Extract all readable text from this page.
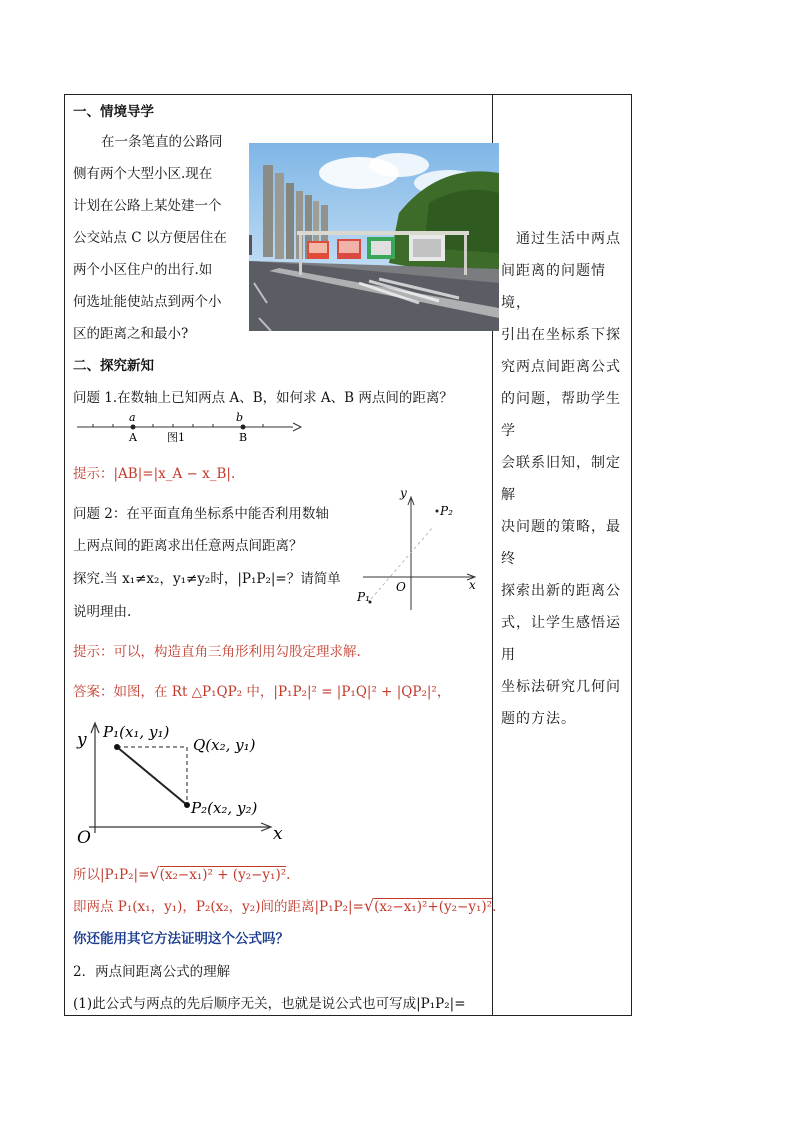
一、情境导学
在一条笔直的公路同
侧有两个大型小区.现在
计划在公路上某处建一个
公交站点 C 以方便居住在
两个小区住户的出行.如
何选址能使站点到两个小
区的距离之和最小?
二、探究新知
问题 1.在数轴上已知两点 A、B，如何求 A、B 两点间的距离？
a
A
b
B
图1
提示：|AB|=|x_A − x_B|.
问题 2：在平面直角坐标系中能否利用数轴
上两点间的距离求出任意两点间距离？
探究.当 x₁≠x₂，y₁≠y₂时，|P₁P₂|=？请简单
说明理由.
y
x
O
P₂
P₁
提示：可以，构造直角三角形利用勾股定理求解.
答案：如图，在 Rt △P₁QP₂ 中，|P₁P₂|² = |P₁Q|² + |QP₂|²，
y
x
O
P₁(x₁, y₁)
Q(x₂, y₁)
P₂(x₂, y₂)
所以|P₁P₂|=√(x₂−x₁)² + (y₂−y₁)².
即两点 P₁(x₁，y₁)，P₂(x₂，y₂)间的距离|P₁P₂|=√(x₂−x₁)²+(y₂−y₁)².
你还能用其它方法证明这个公式吗？
2．两点间距离公式的理解
(1)此公式与两点的先后顺序无关，也就是说公式也可写成|P₁P₂|=

　通过生活中两点

间距离的问题情境，

引出在坐标系下探

究两点间距离公式

的问题，帮助学生学

会联系旧知，制定解

决问题的策略，最终

探索出新的距离公

式，让学生感悟运用

坐标法研究几何问

题的方法。
